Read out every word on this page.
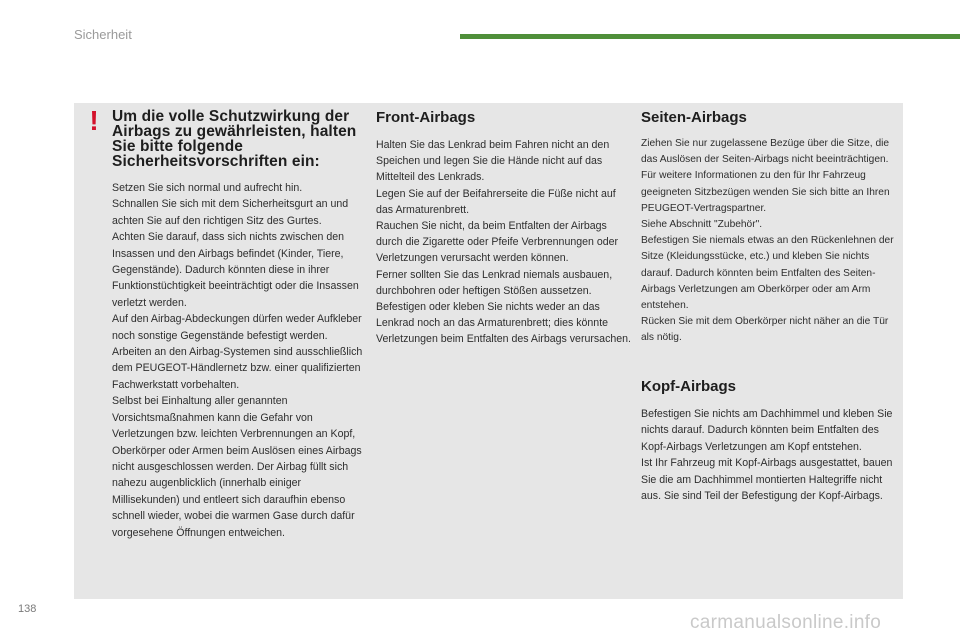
Sicherheit
! Um die volle Schutzwirkung der Airbags zu gewährleisten, halten Sie bitte folgende Sicherheitsvorschriften ein:

Setzen Sie sich normal und aufrecht hin.
Schnallen Sie sich mit dem Sicherheitsgurt an und achten Sie auf den richtigen Sitz des Gurtes.
Achten Sie darauf, dass sich nichts zwischen den Insassen und den Airbags befindet (Kinder, Tiere, Gegenstände). Dadurch könnten diese in ihrer Funktionstüchtigkeit beeinträchtigt oder die Insassen verletzt werden.
Auf den Airbag-Abdeckungen dürfen weder Aufkleber noch sonstige Gegenstände befestigt werden.
Arbeiten an den Airbag-Systemen sind ausschließlich dem PEUGEOT-Händlernetz bzw. einer qualifizierten Fachwerkstatt vorbehalten.
Selbst bei Einhaltung aller genannten Vorsichtsmaßnahmen kann die Gefahr von Verletzungen bzw. leichten Verbrennungen an Kopf, Oberkörper oder Armen beim Auslösen eines Airbags nicht ausgeschlossen werden. Der Airbag füllt sich nahezu augenblicklich (innerhalb einiger Millisekunden) und entleert sich daraufhin ebenso schnell wieder, wobei die warmen Gase durch dafür vorgesehene Öffnungen entweichen.

Front-Airbags

Halten Sie das Lenkrad beim Fahren nicht an den Speichen und legen Sie die Hände nicht auf das Mittelteil des Lenkrads.
Legen Sie auf der Beifahrerseite die Füße nicht auf das Armaturenbrett.
Rauchen Sie nicht, da beim Entfalten der Airbags durch die Zigarette oder Pfeife Verbrennungen oder Verletzungen verursacht werden können.
Ferner sollten Sie das Lenkrad niemals ausbauen, durchbohren oder heftigen Stößen aussetzen.
Befestigen oder kleben Sie nichts weder an das Lenkrad noch an das Armaturenbrett; dies könnte Verletzungen beim Entfalten des Airbags verursachen.

Seiten-Airbags

Ziehen Sie nur zugelassene Bezüge über die Sitze, die das Auslösen der Seiten-Airbags nicht beeinträchtigen. Für weitere Informationen zu den für Ihr Fahrzeug geeigneten Sitzbezügen wenden Sie sich bitte an Ihren PEUGEOT-Vertragspartner.
Siehe Abschnitt "Zubehör".
Befestigen Sie niemals etwas an den Rückenlehnen der Sitze (Kleidungsstücke, etc.) und kleben Sie nichts darauf. Dadurch könnten beim Entfalten des Seiten-Airbags Verletzungen am Oberkörper oder am Arm entstehen.
Rücken Sie mit dem Oberkörper nicht näher an die Tür als nötig.

Kopf-Airbags

Befestigen Sie nichts am Dachhimmel und kleben Sie nichts darauf. Dadurch könnten beim Entfalten des Kopf-Airbags Verletzungen am Kopf entstehen.
Ist Ihr Fahrzeug mit Kopf-Airbags ausgestattet, bauen Sie die am Dachhimmel montierten Haltegriffe nicht aus. Sie sind Teil der Befestigung der Kopf-Airbags.

138
carmanualsonline.info
